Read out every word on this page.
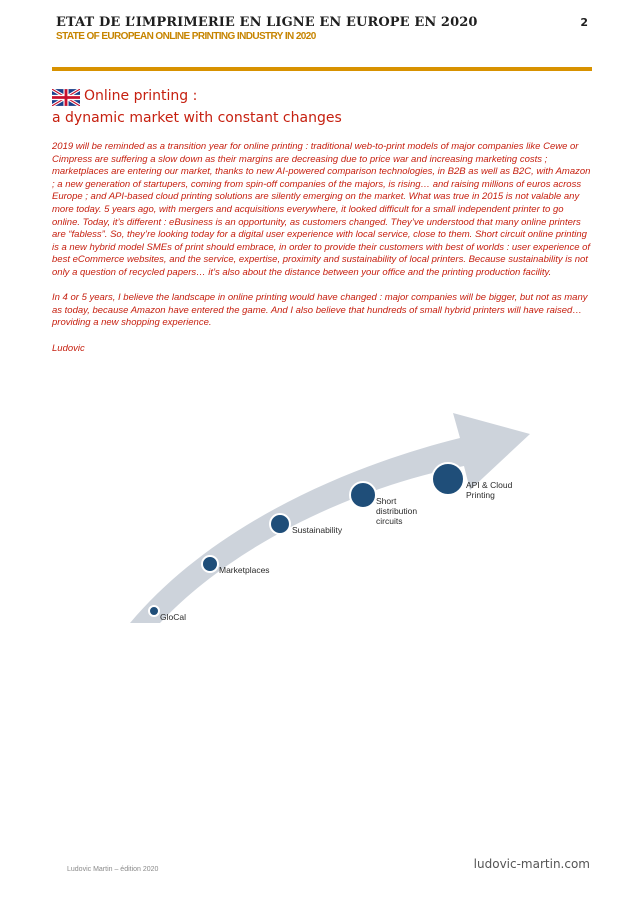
ETAT DE L’IMPRIMERIE EN LIGNE EN EUROPE EN 2020
STATE OF EUROPEAN ONLINE PRINTING INDUSTRY IN 2020
2
Online printing :
a dynamic market with constant changes

2019 will be reminded as a transition year for online printing : traditional web-to-print models of major companies like Cewe or Cimpress are suffering a slow down as their margins are decreasing due to price war and increasing marketing costs ; marketplaces are entering our market, thanks to new AI-powered comparison technologies, in B2B as well as B2C, with Amazon ; a new generation of startupers, coming from spin-off companies of the majors, is rising… and raising millions of euros across Europe ; and API-based cloud printing solutions are silently emerging on the market. What was true in 2015 is not valable any more today. 5 years ago, with mergers and acquisitions everywhere, it looked difficult for a small independent printer to go online. Today, it’s different : eBusiness is an opportunity, as customers changed. They’ve understood that many online printers are “fabless”. So, they’re looking today for a digital user experience with local service, close to them. Short circuit online printing is a new hybrid model SMEs of print should embrace, in order to provide their customers with best of worlds : user experience of best eCommerce websites, and the service, expertise, proximity and sustainability of local printers. Because sustainability is not only a question of recycled papers… it’s also about the distance between your office and the printing production facility.

In 4 or 5 years, I believe the landscape in online printing would have changed : major companies will be bigger, but not as many as today, because Amazon have entered the game. And I also believe that hundreds of small hybrid printers will have raised… providing a new shopping experience.

Ludovic

GloCal
Marketplaces
Sustainability
Short distribution circuits
API & Cloud Printing
Ludovic Martin – édition 2020	ludovic-martin.com
